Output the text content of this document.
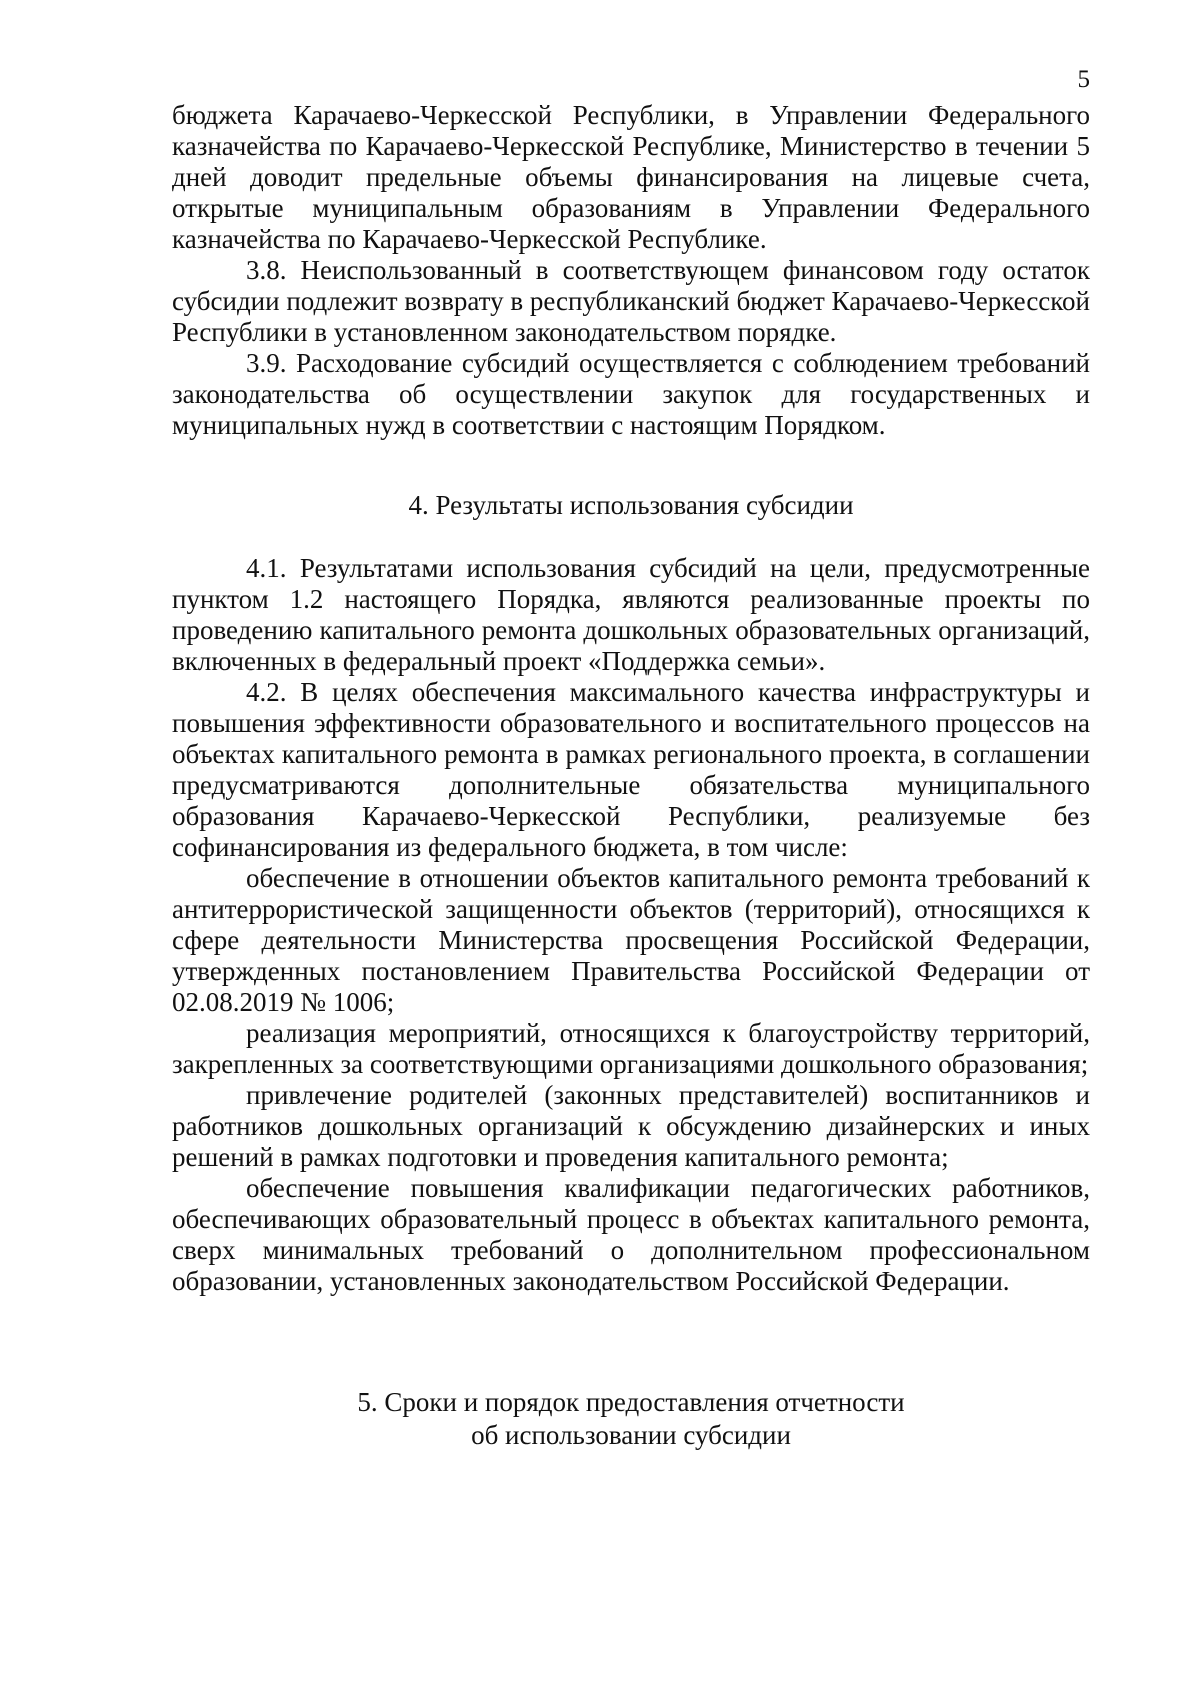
5

бюджета Карачаево-Черкесской Республики, в Управлении Федерального казначейства по Карачаево-Черкесской Республике, Министерство в течении 5 дней доводит предельные объемы финансирования на лицевые счета, открытые муниципальным образованиям в Управлении Федерального казначейства по Карачаево-Черкесской Республике.

3.8. Неиспользованный в соответствующем финансовом году остаток субсидии подлежит возврату в республиканский бюджет Карачаево-Черкесской Республики в установленном законодательством порядке.

3.9. Расходование субсидий осуществляется с соблюдением требований законодательства об осуществлении закупок для государственных и муниципальных нужд в соответствии с настоящим Порядком.

4. Результаты использования субсидии

4.1. Результатами использования субсидий на цели, предусмотренные пунктом 1.2 настоящего Порядка, являются реализованные проекты по проведению капитального ремонта дошкольных образовательных организаций, включенных в федеральный проект «Поддержка семьи».

4.2. В целях обеспечения максимального качества инфраструктуры и повышения эффективности образовательного и воспитательного процессов на объектах капитального ремонта в рамках регионального проекта, в соглашении предусматриваются дополнительные обязательства муниципального образования Карачаево-Черкесской Республики, реализуемые без софинансирования из федерального бюджета, в том числе:

обеспечение в отношении объектов капитального ремонта требований к антитеррористической защищенности объектов (территорий), относящихся к сфере деятельности Министерства просвещения Российской Федерации, утвержденных постановлением Правительства Российской Федерации от 02.08.2019 № 1006;

реализация мероприятий, относящихся к благоустройству территорий, закрепленных за соответствующими организациями дошкольного образования;

привлечение родителей (законных представителей) воспитанников и работников дошкольных организаций к обсуждению дизайнерских и иных решений в рамках подготовки и проведения капитального ремонта;

обеспечение повышения квалификации педагогических работников, обеспечивающих образовательный процесс в объектах капитального ремонта, сверх минимальных требований о дополнительном профессиональном образовании, установленных законодательством Российской Федерации.

5. Сроки и порядок предоставления отчетности
об использовании субсидии
